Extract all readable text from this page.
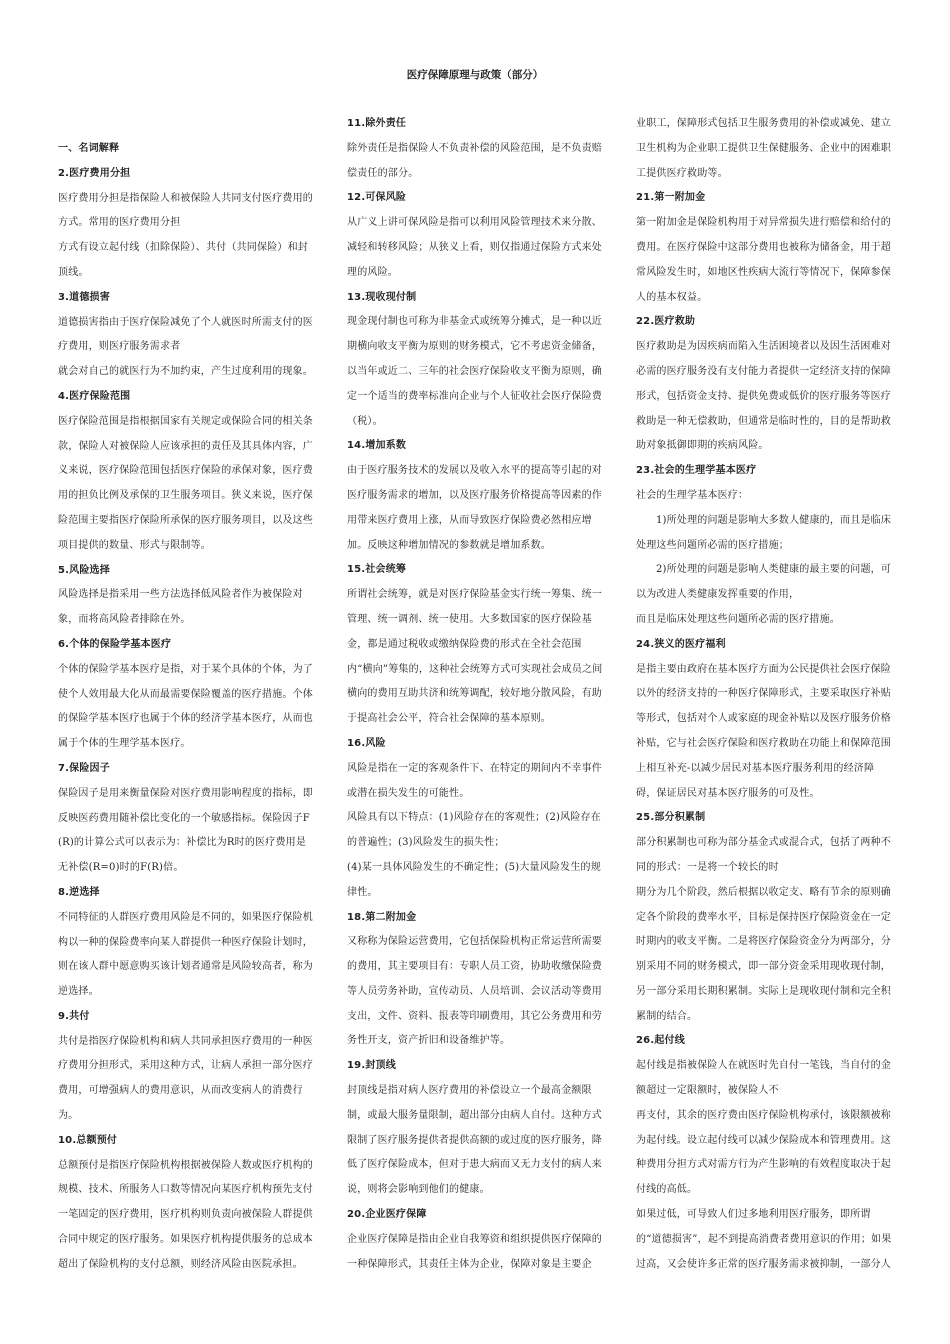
医疗保障原理与政策（部分）

一、名词解释

2.医疗费用分担

医疗费用分担是指保险人和被保险人共同支付医疗费用的方式。常用的医疗费用分担

方式有设立起付线（扣除保险）、共付（共同保险）和封顶线。

3.道德损害

道德损害指由于医疗保险减免了个人就医时所需支付的医疗费用，则医疗服务需求者

就会对自己的就医行为不加约束，产生过度利用的现象。

4.医疗保险范围

医疗保险范围是指根据国家有关规定或保险合同的相关条款，保险人对被保险人应该承担的责任及其具体内容，广义来说，医疗保险范围包括医疗保险的承保对象，医疗费用的担负比例及承保的卫生服务项目。狭义来说，医疗保险范围主要指医疗保险所承保的医疗服务项目，以及这些项目提供的数量、形式与限制等。

5.风险选择

风险选择是指采用一些方法选择低风险者作为被保险对象，而将高风险者排除在外。

6.个体的保险学基本医疗

个体的保险学基本医疗是指，对于某个具体的个体，为了使个人效用最大化从而最需要保险覆盖的医疗措施。个体的保险学基本医疗也属于个体的经济学基本医疗，从而也属于个体的生理学基本医疗。

7.保险因子

保险因子是用来衡量保险对医疗费用影响程度的指标，即反映医药费用随补偿比变化的一个敏感指标。保险因子F(R)的计算公式可以表示为：补偿比为R时的医疗费用是无补偿(R=0)时的F(R)倍。

8.逆选择

不同特征的人群医疗费用风险是不同的，如果医疗保险机构以一种的保险费率向某人群提供一种医疗保险计划时，则在该人群中愿意购买该计划者通常是风险较高者，称为逆选择。

9.共付

共付是指医疗保险机构和病人共同承担医疗费用的一种医疗费用分担形式，采用这种方式，让病人承担一部分医疗费用，可增强病人的费用意识，从而改变病人的消费行为。

10.总额预付

总额预付是指医疗保险机构根据被保险人数或医疗机构的规模、技术、所服务人口数等情况向某医疗机构预先支付一笔固定的医疗费用，医疗机构则负责向被保险人群提供合同中规定的医疗服务。如果医疗机构提供服务的总成本超出了保险机构的支付总额，则经济风险由医院承担。

11.除外责任

除外责任是指保险人不负责补偿的风险范围，是不负责赔偿责任的部分。

12.可保风险

从广义上讲可保风险是指可以利用风险管理技术来分散、减轻和转移风险；从狭义上看，则仅指通过保险方式来处理的风险。

13.现收现付制

现金现付制也可称为非基金式或统筹分摊式，是一种以近期横向收支平衡为原则的财务模式，它不考虑资金储备，以当年或近二、三年的社会医疗保险收支平衡为原则，确定一个适当的费率标准向企业与个人征收社会医疗保险费（税）。

14.增加系数

由于医疗服务技术的发展以及收入水平的提高等引起的对医疗服务需求的增加，以及医疗服务价格提高等因素的作用带来医疗费用上涨，从而导致医疗保险费必然相应增加。反映这种增加情况的参数就是增加系数。

15.社会统筹

所谓社会统筹，就是对医疗保险基金实行统一筹集、统一管理、统一调剂、统一使用。大多数国家的医疗保险基金，都是通过税收或缴纳保险费的形式在全社会范围内“横向”筹集的，这种社会统筹方式可实现社会成员之间横向的费用互助共济和统筹调配，较好地分散风险，有助于提高社会公平，符合社会保障的基本原则。

16.风险

风险是指在一定的客观条件下、在特定的期间内不幸事件或潜在损失发生的可能性。

风险具有以下特点：(1)风险存在的客观性；(2)风险存在的普遍性；(3)风险发生的损失性；

(4)某一具体风险发生的不确定性；(5)大量风险发生的规律性。

18.第二附加金

又称称为保险运营费用，它包括保险机构正常运营所需要的费用，其主要项目有：专职人员工资，协助收缴保险费等人员劳务补助，宣传动员、人员培训、会议活动等费用支出，文件、资料、报表等印刷费用，其它公务费用和劳务性开支，资产折旧和设备维护等。

19.封顶线

封顶线是指对病人医疗费用的补偿设立一个最高金额限制，或最大服务量限制，超出部分由病人自付。这种方式限制了医疗服务提供者提供高额的或过度的医疗服务，降低了医疗保险成本，但对于患大病而又无力支付的病人来说，则将会影响到他们的健康。

20.企业医疗保障

企业医疗保障是指由企业自我筹资和组织提供医疗保障的一种保障形式，其责任主体为企业，保障对象是主要企

业职工，保障形式包括卫生服务费用的补偿或减免、建立卫生机构为企业职工提供卫生保健服务、企业中的困难职工提供医疗救助等。

21.第一附加金

第一附加金是保险机构用于对异常损失进行赔偿和给付的费用。在医疗保险中这部分费用也被称为储备金，用于超常风险发生时，如地区性疾病大流行等情况下，保障参保人的基本权益。

22.医疗救助

医疗救助是为因疾病而陷入生活困境者以及因生活困难对必需的医疗服务没有支付能力者提供一定经济支持的保障形式，包括资金支持、提供免费或低价的医疗服务等医疗救助是一种无偿救助，但通常是临时性的，目的是帮助救助对象抵御即期的疾病风险。

23.社会的生理学基本医疗

社会的生理学基本医疗：

1)所处理的问题是影响大多数人健康的，而且是临床处理这些问题所必需的医疗措施；

2)所处理的问题是影响人类健康的最主要的问题，可以为改进人类健康发挥重要的作用，

而且是临床处理这些问题所必需的医疗措施。

24.狭义的医疗福利

是指主要由政府在基本医疗方面为公民提供社会医疗保险以外的经济支持的一种医疗保障形式，主要采取医疗补贴等形式，包括对个人或家庭的现金补贴以及医疗服务价格补贴，它与社会医疗保险和医疗救助在功能上和保障范围上相互补充-以减少居民对基本医疗服务利用的经济障碍，保证居民对基本医疗服务的可及性。

25.部分积累制

部分积累制也可称为部分基金式或混合式，包括了两种不同的形式：一是将一个较长的时

期分为几个阶段，然后根据以收定支、略有节余的原则确定各个阶段的费率水平，目标是保持医疗保险资金在一定时期内的收支平衡。二是将医疗保险资金分为两部分，分别采用不同的财务模式，即一部分资金采用现收现付制，另一部分采用长期积累制。实际上是现收现付制和完全积累制的结合。

26.起付线

起付线是指被保险人在就医时先自付一笔钱，当自付的金额超过一定限额时，被保险人不

再支付，其余的医疗费由医疗保险机构承付，该限额被称为起付线。设立起付线可以减少保险成本和管理费用。这种费用分担方式对需方行为产生影响的有效程度取决于起付线的高低。

如果过低，可导致人们过多地利用医疗服务，即所谓的“道德损害”，起不到提高消费者费用意识的作用；如果过高，又会使许多正常的医疗服务需求被抑制，一部分人
